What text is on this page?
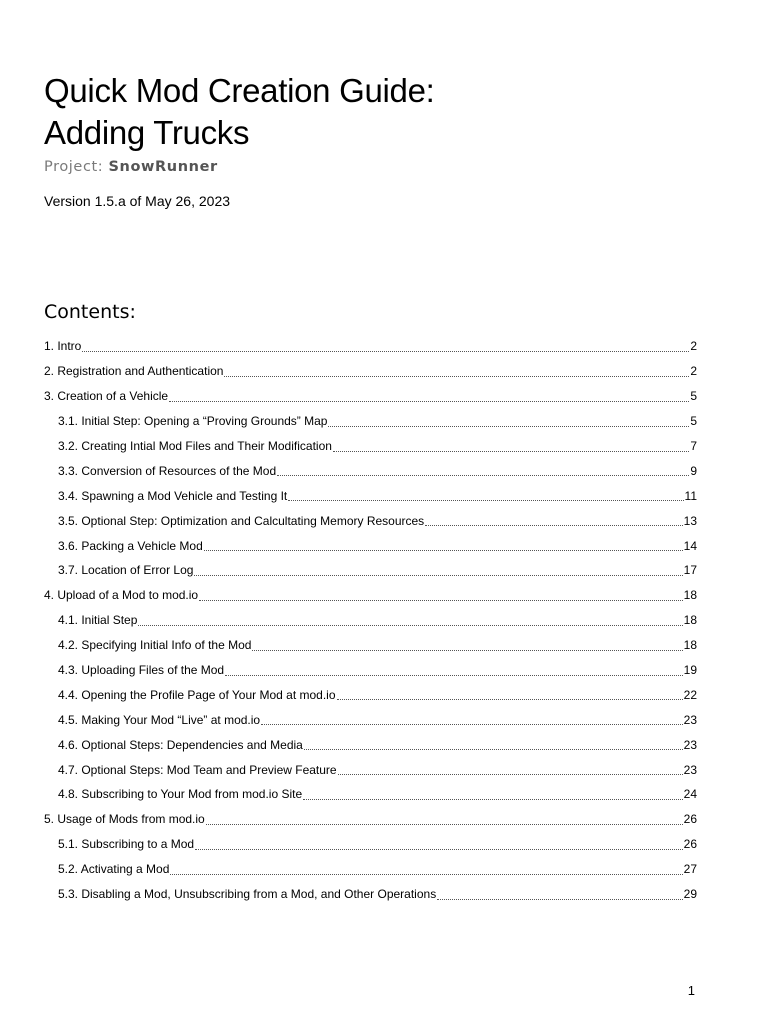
Quick Mod Creation Guide:
Adding Trucks
Project: SnowRunner
Version 1.5.a of May 26, 2023
Contents:
1. Intro	2
2. Registration and Authentication	2
3. Creation of a Vehicle	5
3.1. Initial Step: Opening a “Proving Grounds” Map	5
3.2. Creating Intial Mod Files and Their Modification	7
3.3. Conversion of Resources of the Mod	9
3.4. Spawning a Mod Vehicle and Testing It	11
3.5. Optional Step: Optimization and Calcultating Memory Resources	13
3.6. Packing a Vehicle Mod	14
3.7. Location of Error Log	17
4. Upload of a Mod to mod.io	18
4.1. Initial Step	18
4.2. Specifying Initial Info of the Mod	18
4.3. Uploading Files of the Mod	19
4.4. Opening the Profile Page of Your Mod at mod.io	22
4.5. Making Your Mod “Live” at mod.io	23
4.6. Optional Steps: Dependencies and Media	23
4.7. Optional Steps: Mod Team and Preview Feature	23
4.8. Subscribing to Your Mod from mod.io Site	24
5. Usage of Mods from mod.io	26
5.1. Subscribing to a Mod	26
5.2. Activating a Mod	27
5.3. Disabling a Mod, Unsubscribing from a Mod, and Other Operations	29
1
